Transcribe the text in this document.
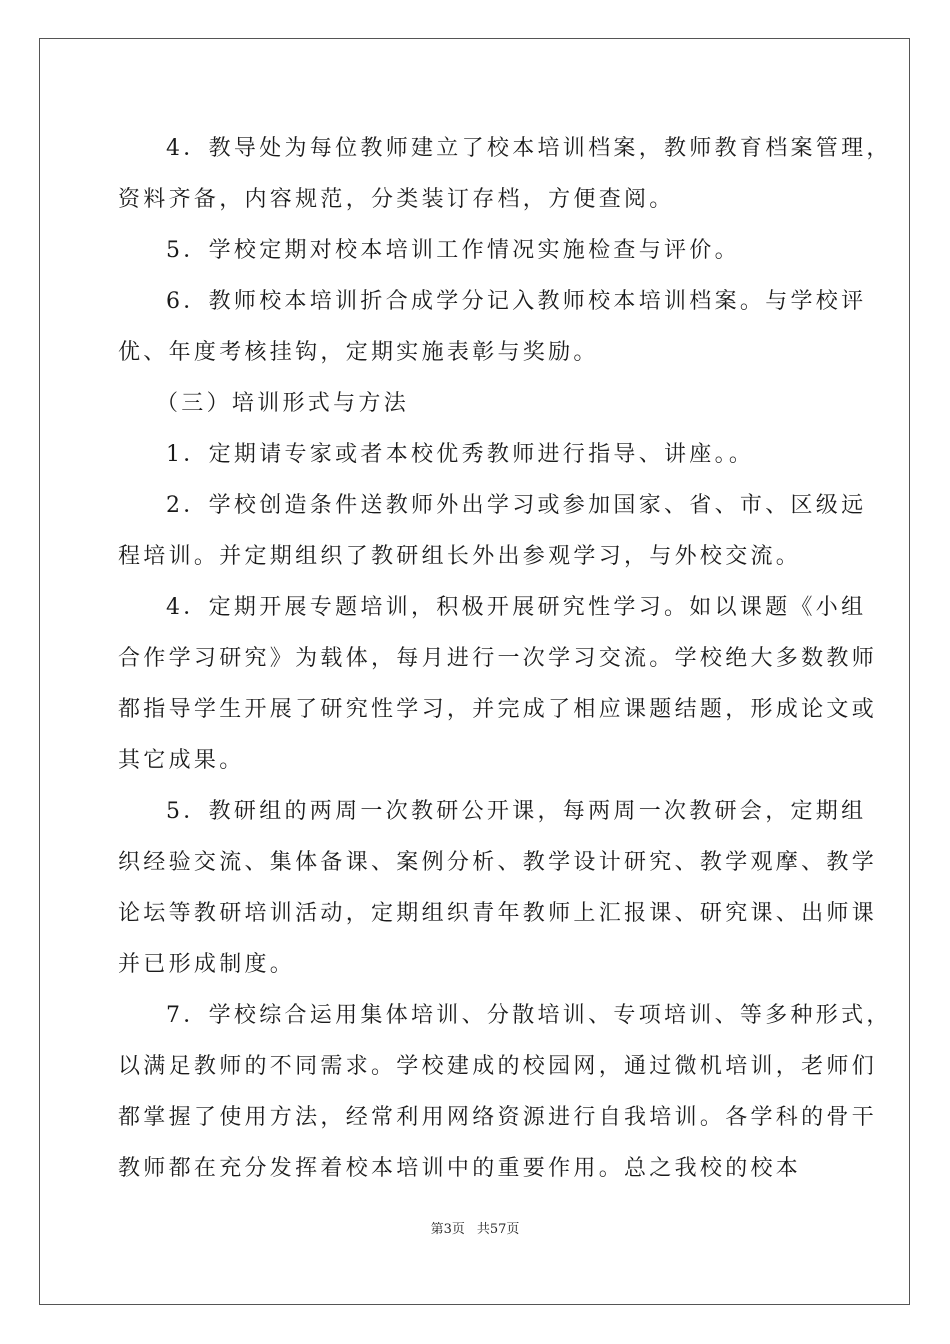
4．教导处为每位教师建立了校本培训档案，教师教育档案管理，
资料齐备，内容规范，分类装订存档，方便查阅。
5．学校定期对校本培训工作情况实施检查与评价。
6．教师校本培训折合成学分记入教师校本培训档案。与学校评
优、年度考核挂钩，定期实施表彰与奖励。
（三）培训形式与方法
1．定期请专家或者本校优秀教师进行指导、讲座。。
2．学校创造条件送教师外出学习或参加国家、省、市、区级远
程培训。并定期组织了教研组长外出参观学习，与外校交流。
4．定期开展专题培训，积极开展研究性学习。如以课题《小组
合作学习研究》为载体，每月进行一次学习交流。学校绝大多数教师
都指导学生开展了研究性学习，并完成了相应课题结题，形成论文或
其它成果。
5．教研组的两周一次教研公开课，每两周一次教研会，定期组
织经验交流、集体备课、案例分析、教学设计研究、教学观摩、教学
论坛等教研培训活动，定期组织青年教师上汇报课、研究课、出师课
并已形成制度。
7．学校综合运用集体培训、分散培训、专项培训、等多种形式，
以满足教师的不同需求。学校建成的校园网，通过微机培训，老师们
都掌握了使用方法，经常利用网络资源进行自我培训。各学科的骨干
教师都在充分发挥着校本培训中的重要作用。总之我校的校本
第3页 共57页
